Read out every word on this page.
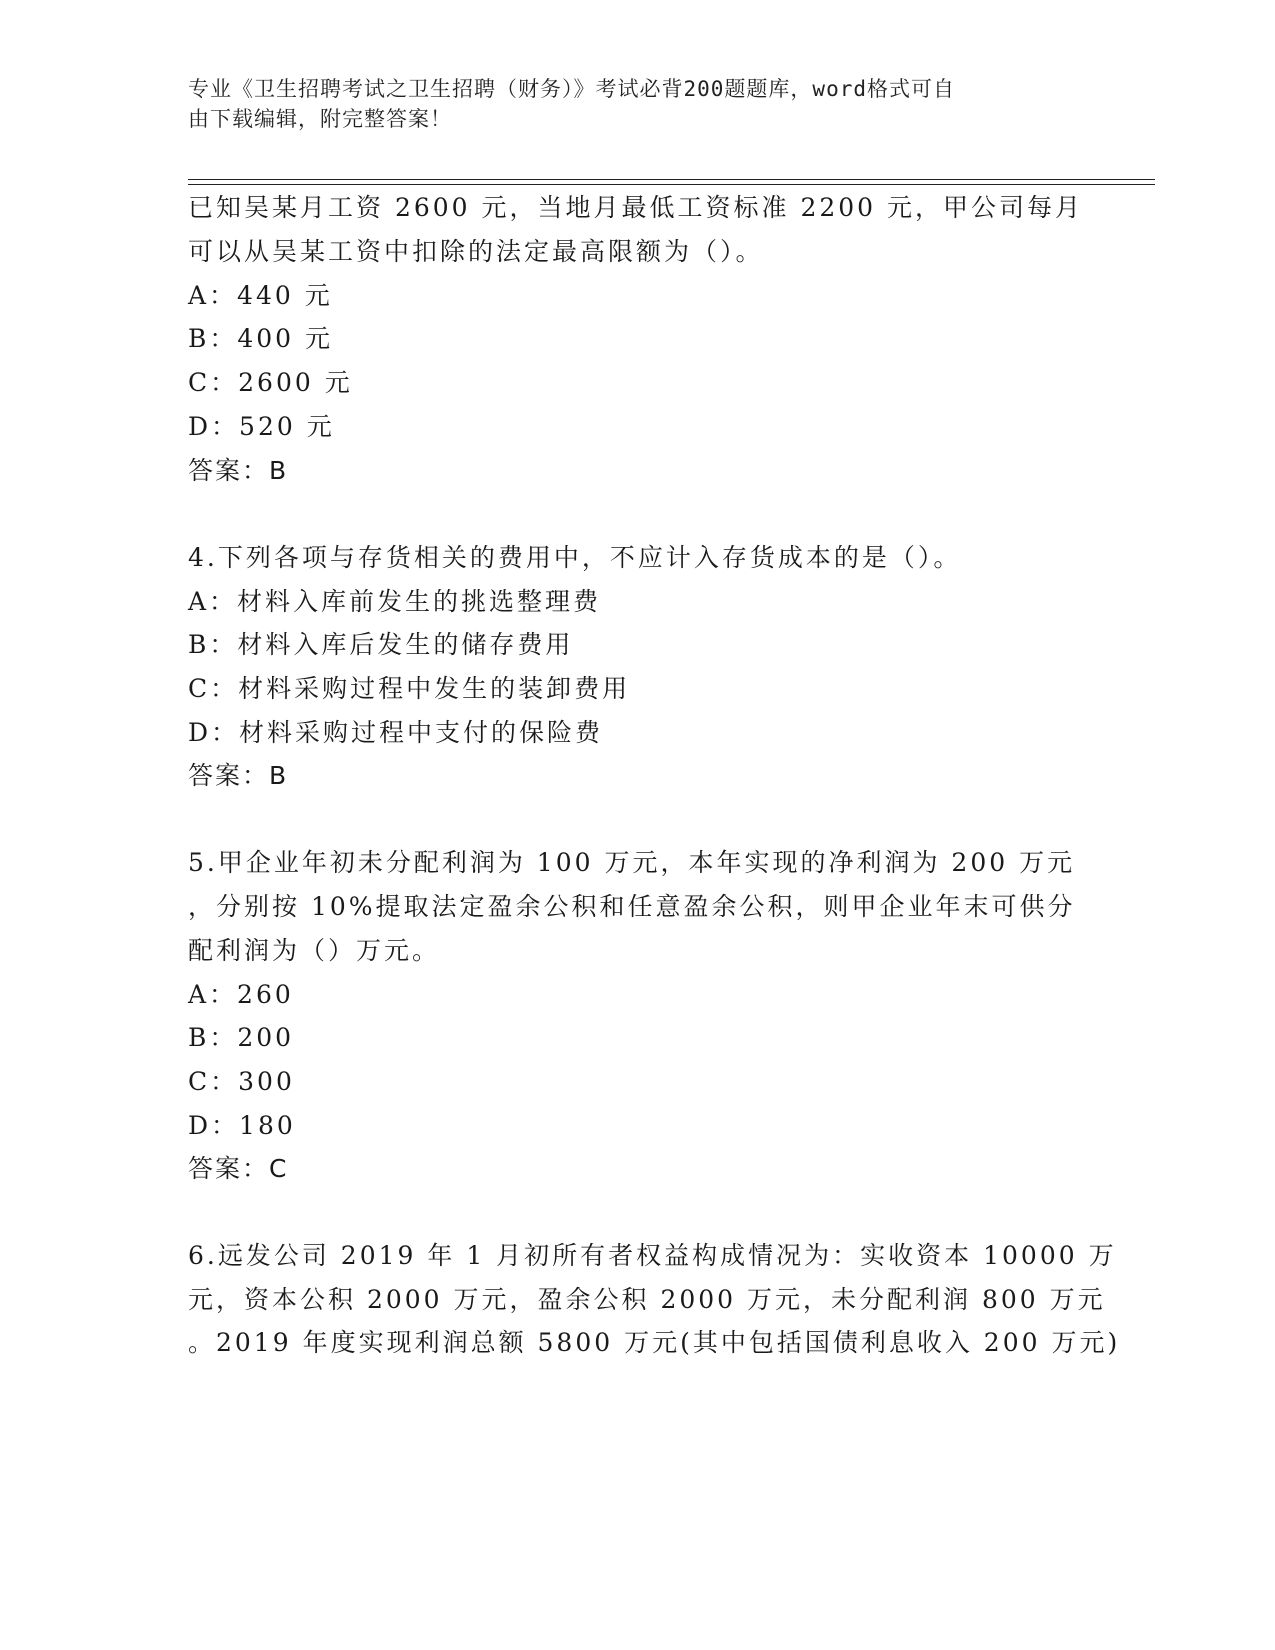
专业《卫生招聘考试之卫生招聘（财务）》考试必背200题题库，word格式可自
由下载编辑，附完整答案！
已知吴某月工资 2600 元，当地月最低工资标准 2200 元，甲公司每月
可以从吴某工资中扣除的法定最高限额为（）。
A：440 元
B：400 元
C：2600 元
D：520 元
答案：B
4.下列各项与存货相关的费用中，不应计入存货成本的是（）。
A：材料入库前发生的挑选整理费
B：材料入库后发生的储存费用
C：材料采购过程中发生的装卸费用
D：材料采购过程中支付的保险费
答案：B
5.甲企业年初未分配利润为 100 万元，本年实现的净利润为 200 万元
，分别按 10%提取法定盈余公积和任意盈余公积，则甲企业年末可供分
配利润为（）万元。
A：260
B：200
C：300
D：180
答案：C
6.远发公司 2019 年 1 月初所有者权益构成情况为：实收资本 10000 万
元，资本公积 2000 万元，盈余公积 2000 万元，未分配利润 800 万元
。2019 年度实现利润总额 5800 万元(其中包括国债利息收入 200 万元)
